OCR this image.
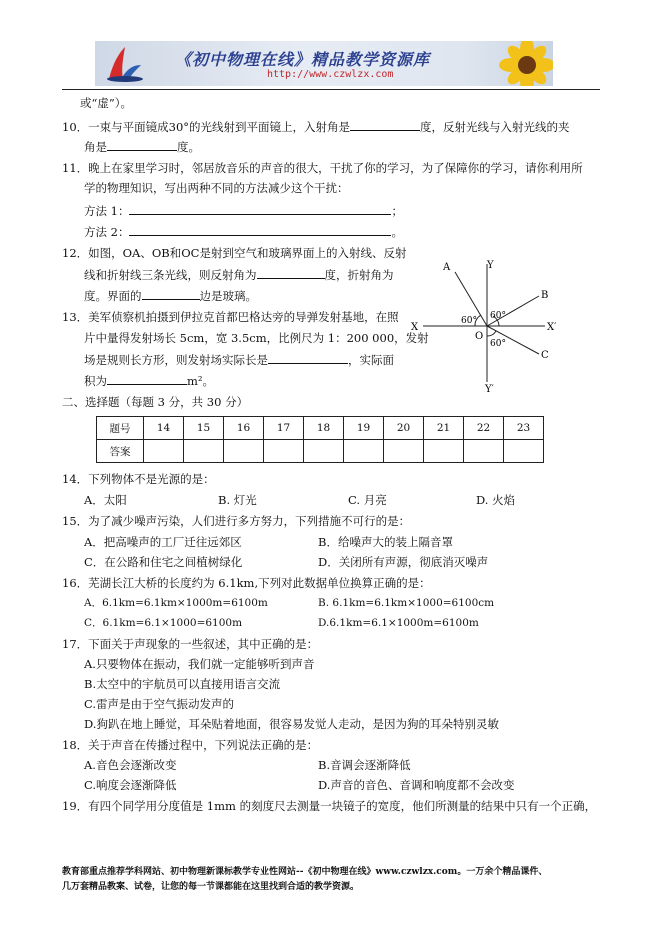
《初中物理在线》精品教学资源库
http://www.czwlzx.com
或“虚”）。
10．一束与平面镜成30°的光线射到平面镜上，入射角是	度，反射光线与入射光线的夹
角是	度。
11．晚上在家里学习时，邻居放音乐的声音的很大，干扰了你的学习，为了保障你的学习，请你利用所
学的物理知识，写出两种不同的方法减少这个干扰：
方法 1：	；
方法 2：	。
12．如图，OA、OB和OC是射到空气和玻璃界面上的入射线、反射
线和折射线三条光线，则反射角为	度，折射角为
度。界面的	边是玻璃。
13．美军侦察机拍摄到伊拉克首都巴格达旁的导弹发射基地，在照
片中量得发射场长 5cm，宽 3.5cm，比例尺为 1：200 000，发射
场是规则长方形，则发射场实际长是	，实际面
积为	m²。
二、选择题（每题 3 分，共 30 分）
题号	14	15	16	17	18	19	20	21	22	23
答案										
14．下列物体不是光源的是：
A．太阳	B. 灯光	C. 月亮	D. 火焰
15．为了减少噪声污染，人们进行多方努力，下列措施不可行的是：
A．把高噪声的工厂迁往远郊区	B．给噪声大的装上隔音罩
C．在公路和住宅之间植树绿化	D．关闭所有声源，彻底消灭噪声
16．芜湖长江大桥的长度约为 6.1km,下列对此数据单位换算正确的是：
A．6.1km=6.1km×1000m=6100m	B. 6.1km=6.1km×1000=6100cm
C．6.1km=6.1×1000=6100m	D.6.1km=6.1×1000m=6100m
17．下面关于声现象的一些叙述，其中正确的是：
A.只要物体在振动，我们就一定能够听到声音
B.太空中的宇航员可以直接用语言交流
C.雷声是由于空气振动发声的
D.狗趴在地上睡觉，耳朵贴着地面，很容易发觉人走动，是因为狗的耳朵特别灵敏
18．关于声音在传播过程中，下列说法正确的是：
A.音色会逐渐改变	B.音调会逐渐降低
C.响度会逐渐降低	D.声音的音色、音调和响度都不会改变
19．有四个同学用分度值是 1mm 的刻度尺去测量一块镜子的宽度，他们所测量的结果中只有一个正确，
A	Y
B
X	X′
O
C
Y′
60° 60°
60°
教育部重点推荐学科网站、初中物理新课标教学专业性网站--《初中物理在线》www.czwlzx.com。一万余个精品课件、
几万套精品教案、试卷，让您的每一节课都能在这里找到合适的教学资源。
